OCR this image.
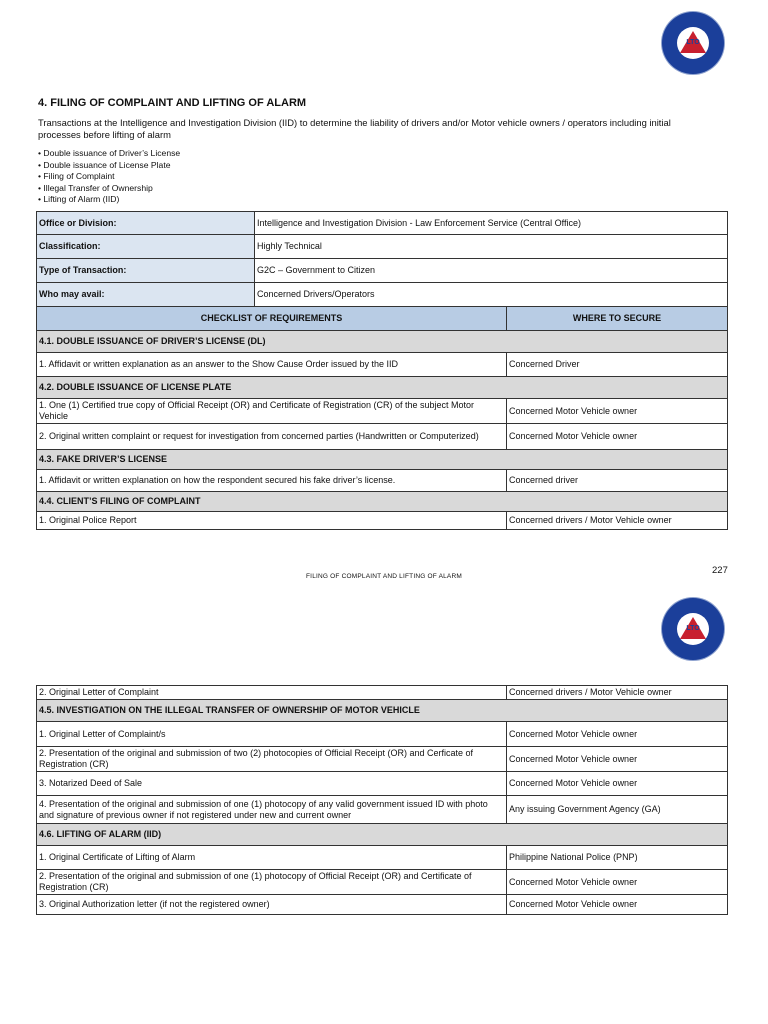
LTO
4. FILING OF COMPLAINT AND LIFTING OF ALARM
Transactions at the Intelligence and Investigation Division (IID) to determine the liability of drivers and/or Motor vehicle owners / operators including initial processes before lifting of alarm
• Double issuance of Driver’s License
• Double issuance of License Plate
• Filing of Complaint
• Illegal Transfer of Ownership
• Lifting of Alarm (IID)
Office or Division:	Intelligence and Investigation Division - Law Enforcement Service (Central Office)	
Classification:	Highly Technical	
Type of Transaction:	G2C – Government to Citizen	
Who may avail:	Concerned Drivers/Operators	
CHECKLIST OF REQUIREMENTS		WHERE TO SECURE
4.1. DOUBLE ISSUANCE OF DRIVER’S LICENSE (DL)		
1. Affidavit or written explanation as an answer to the Show Cause Order issued by the IID		Concerned Driver
4.2. DOUBLE ISSUANCE OF LICENSE PLATE		
1. One (1) Certified true copy of Official Receipt (OR) and Certificate of Registration (CR) of the subject Motor Vehicle		Concerned Motor Vehicle owner
2. Original written complaint or request for investigation from concerned parties (Handwritten or Computerized)		Concerned Motor Vehicle owner
4.3. FAKE DRIVER’S LICENSE		
1. Affidavit or written explanation on how the respondent secured his fake driver’s license.		Concerned driver
4.4. CLIENT’S FILING OF COMPLAINT		
1. Original Police Report		Concerned drivers / Motor Vehicle owner
227
FILING OF COMPLAINT AND LIFTING OF ALARM
LTO
2. Original Letter of Complaint	Concerned drivers / Motor Vehicle owner
4.5. INVESTIGATION ON THE ILLEGAL TRANSFER OF OWNERSHIP OF MOTOR VEHICLE	
1. Original Letter of Complaint/s	Concerned Motor Vehicle owner
2. Presentation of the original and submission of two (2) photocopies of Official Receipt (OR) and Cerficate of Registration (CR)	Concerned Motor Vehicle owner
3. Notarized Deed of Sale	Concerned Motor Vehicle owner
4. Presentation of the original and submission of one (1) photocopy of any valid government issued ID with photo and signature of previous owner if not registered under new and current owner	Any issuing Government Agency (GA)
4.6. LIFTING OF ALARM (IID)	
1. Original Certificate of Lifting of Alarm	Philippine National Police (PNP)
2. Presentation of the original and submission of one (1) photocopy of Official Receipt (OR) and Certificate of Registration (CR)	Concerned Motor Vehicle owner
3. Original Authorization letter (if not the registered owner)	Concerned Motor Vehicle owner
